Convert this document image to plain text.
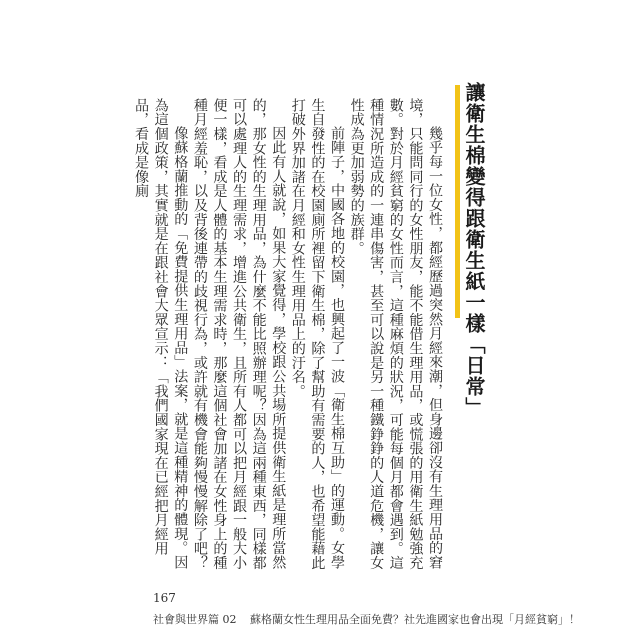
讓衛生棉變得跟衛生紙一樣「日常」

幾乎每一位女性，都經歷過突然月經來潮，但身邊卻沒有生理用品的窘境，只能問同行的女性朋友，能不能借生理用品，或慌張的用衛生紙勉強充數。對於月經貧窮的女性而言，這種麻煩的狀況，可能每個月都會遇到。這種情況所造成的一連串傷害，甚至可以說是另一種鐵錚錚的人道危機，讓女性成為更加弱勢的族群。

前陣子，中國各地的校園，也興起了一波「衛生棉互助」的運動。女學生自發性的在校園廁所裡留下衛生棉，除了幫助有需要的人，也希望能藉此打破外界加諸在月經和女性生理用品上的汙名。

因此有人就說，如果大家覺得，學校跟公共場所提供衛生紙是理所當然的，那女性的生理用品，為什麼不能比照辦理呢？因為這兩種東西，同樣都可以處理人的生理需求，增進公共衛生，且所有人都可以把月經跟一般大小便一樣，看成是人體的基本生理需求時，那麼這個社會加諸在女性身上的種種月經羞恥，以及背後連帶的歧視行為，或許就有機會能夠慢慢解除了吧？

像蘇格蘭推動的「免費提供生理用品」法案，就是這種精神的體現。因為這個政策，其實就是在跟社會大眾宣示：「我們國家現在已經把月經用品，看成是像廁

167
社會與世界篇 02 蘇格蘭女性生理用品全面免費？社先進國家也會出現「月經貧窮」！
